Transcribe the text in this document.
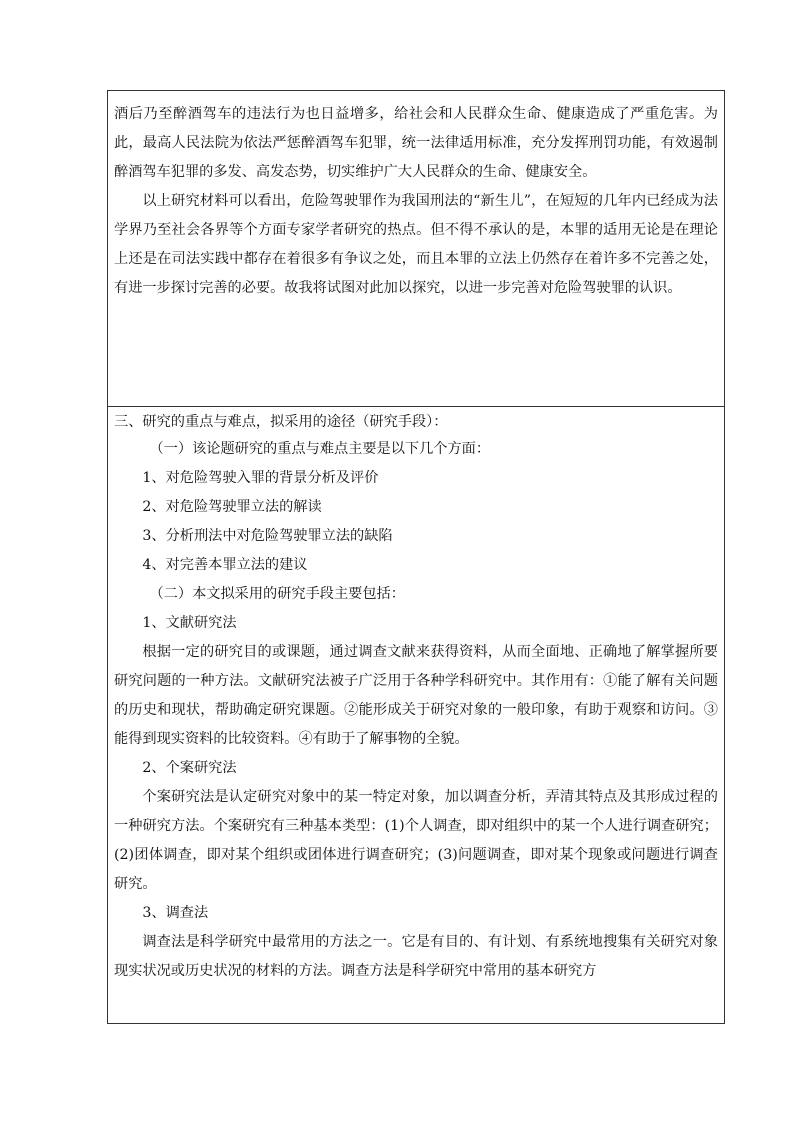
酒后乃至醉酒驾车的违法行为也日益增多，给社会和人民群众生命、健康造成了严重危害。为此，最高人民法院为依法严惩醉酒驾车犯罪，统一法律适用标准，充分发挥刑罚功能，有效遏制醉酒驾车犯罪的多发、高发态势，切实维护广大人民群众的生命、健康安全。

以上研究材料可以看出，危险驾驶罪作为我国刑法的“新生儿”，在短短的几年内已经成为法学界乃至社会各界等个方面专家学者研究的热点。但不得不承认的是，本罪的适用无论是在理论上还是在司法实践中都存在着很多有争议之处，而且本罪的立法上仍然存在着许多不完善之处，有进一步探讨完善的必要。故我将试图对此加以探究，以进一步完善对危险驾驶罪的认识。

三、研究的重点与难点，拟采用的途径（研究手段）：

（一）该论题研究的重点与难点主要是以下几个方面：

1、对危险驾驶入罪的背景分析及评价

2、对危险驾驶罪立法的解读

3、分析刑法中对危险驾驶罪立法的缺陷

4、对完善本罪立法的建议

（二）本文拟采用的研究手段主要包括：

1、文献研究法

根据一定的研究目的或课题，通过调查文献来获得资料，从而全面地、正确地了解掌握所要研究问题的一种方法。文献研究法被子广泛用于各种学科研究中。其作用有：①能了解有关问题的历史和现状，帮助确定研究课题。②能形成关于研究对象的一般印象，有助于观察和访问。③能得到现实资料的比较资料。④有助于了解事物的全貌。

2、个案研究法

个案研究法是认定研究对象中的某一特定对象，加以调查分析，弄清其特点及其形成过程的一种研究方法。个案研究有三种基本类型：(1)个人调查，即对组织中的某一个人进行调查研究；(2)团体调查，即对某个组织或团体进行调查研究；(3)问题调查，即对某个现象或问题进行调查研究。

3、调查法

调查法是科学研究中最常用的方法之一。它是有目的、有计划、有系统地搜集有关研究对象现实状况或历史状况的材料的方法。调查方法是科学研究中常用的基本研究方
